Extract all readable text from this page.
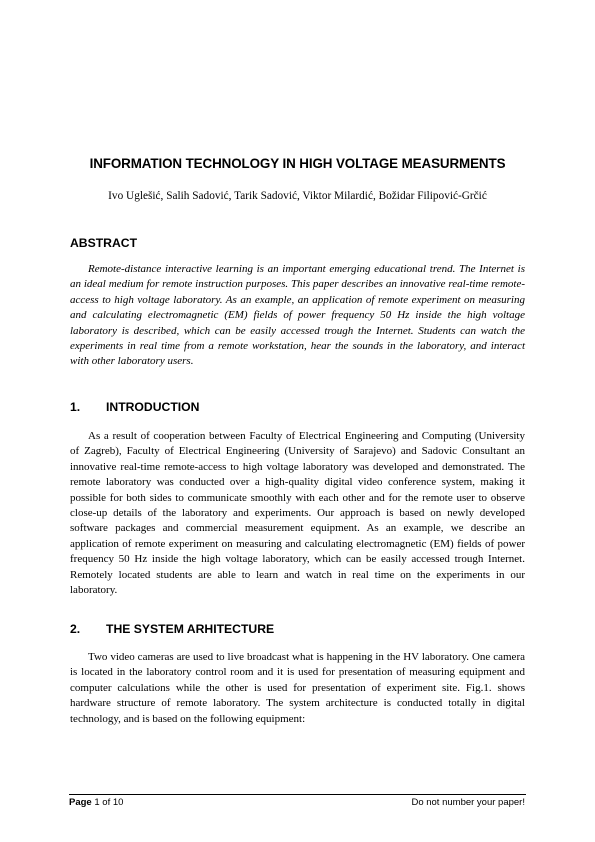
INFORMATION TECHNOLOGY IN HIGH VOLTAGE MEASURMENTS
Ivo Uglešić, Salih Sadović, Tarik Sadović, Viktor Milardić, Božidar Filipović-Grčić
ABSTRACT

Remote-distance interactive learning is an important emerging educational trend. The Internet is an ideal medium for remote instruction purposes. This paper describes an innovative real-time remote-access to high voltage laboratory. As an example, an application of remote experiment on measuring and calculating electromagnetic (EM) fields of power frequency 50 Hz inside the high voltage laboratory is described, which can be easily accessed trough the Internet. Students can watch the experiments in real time from a remote workstation, hear the sounds in the laboratory, and interact with other laboratory users.

1. INTRODUCTION

As a result of cooperation between Faculty of Electrical Engineering and Computing (University of Zagreb), Faculty of Electrical Engineering (University of Sarajevo) and Sadovic Consultant an innovative real-time remote-access to high voltage laboratory was developed and demonstrated. The remote laboratory was conducted over a high-quality digital video conference system, making it possible for both sides to communicate smoothly with each other and for the remote user to observe close-up details of the laboratory and experiments. Our approach is based on newly developed software packages and commercial measurement equipment. As an example, we describe an application of remote experiment on measuring and calculating electromagnetic (EM) fields of power frequency 50 Hz inside the high voltage laboratory, which can be easily accessed trough Internet. Remotely located students are able to learn and watch in real time on the experiments in our laboratory.

2. THE SYSTEM ARHITECTURE

Two video cameras are used to live broadcast what is happening in the HV laboratory. One camera is located in the laboratory control room and it is used for presentation of measuring equipment and computer calculations while the other is used for presentation of experiment site. Fig.1. shows hardware structure of remote laboratory. The system architecture is conducted totally in digital technology, and is based on the following equipment:

Page 1 of 10	Do not number your paper!
